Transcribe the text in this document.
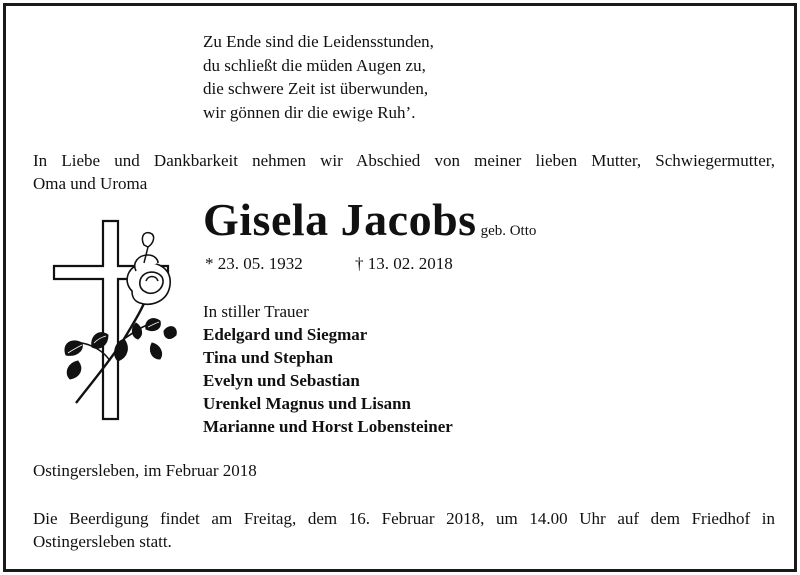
Zu Ende sind die Leidensstunden,
du schließt die müden Augen zu,
die schwere Zeit ist überwunden,
wir gönnen dir die ewige Ruh’.
In Liebe und Dankbarkeit nehmen wir Abschied von meiner lieben Mutter, Schwiegermutter,
Oma und Uroma
Gisela Jacobs geb. Otto
* 23. 05. 1932	† 13. 02. 2018
In stiller Trauer
Edelgard und Siegmar
Tina und Stephan
Evelyn und Sebastian
Urenkel Magnus und Lisann
Marianne und Horst Lobensteiner
Ostingersleben, im Februar 2018
Die Beerdigung findet am Freitag, dem 16. Februar 2018, um 14.00 Uhr auf dem Friedhof in
Ostingersleben statt.
